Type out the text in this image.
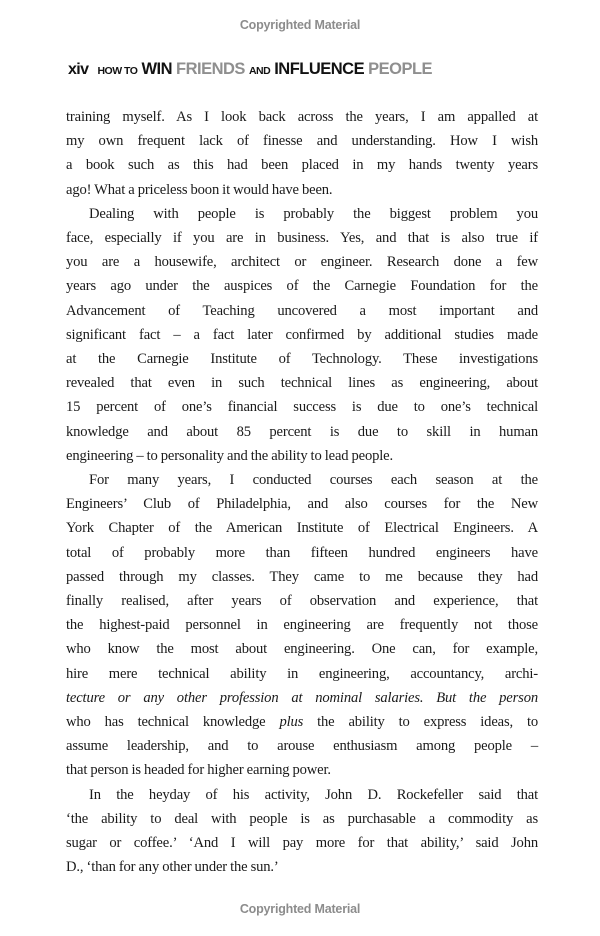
Copyrighted Material
xiv HOW TO WIN FRIENDS AND INFLUENCE PEOPLE
training myself. As I look back across the years, I am appalled at
my own frequent lack of finesse and understanding. How I wish
a book such as this had been placed in my hands twenty years
ago! What a priceless boon it would have been.
Dealing with people is probably the biggest problem you
face, especially if you are in business. Yes, and that is also true if
you are a housewife, architect or engineer. Research done a few
years ago under the auspices of the Carnegie Foundation for the
Advancement of Teaching uncovered a most important and
significant fact – a fact later confirmed by additional studies made
at the Carnegie Institute of Technology. These investigations
revealed that even in such technical lines as engineering, about
15 percent of one’s financial success is due to one’s technical
knowledge and about 85 percent is due to skill in human
engineering – to personality and the ability to lead people.
For many years, I conducted courses each season at the
Engineers’ Club of Philadelphia, and also courses for the New
York Chapter of the American Institute of Electrical Engineers. A
total of probably more than fifteen hundred engineers have
passed through my classes. They came to me because they had
finally realised, after years of observation and experience, that
the highest-paid personnel in engineering are frequently not those
who know the most about engineering. One can, for example,
hire mere technical ability in engineering, accountancy, archi-
tecture or any other profession at nominal salaries. But the person
who has technical knowledge plus the ability to express ideas, to
assume leadership, and to arouse enthusiasm among people –
that person is headed for higher earning power.
In the heyday of his activity, John D. Rockefeller said that
‘the ability to deal with people is as purchasable a commodity as
sugar or coffee.’ ‘And I will pay more for that ability,’ said John
D., ‘than for any other under the sun.’
Copyrighted Material
